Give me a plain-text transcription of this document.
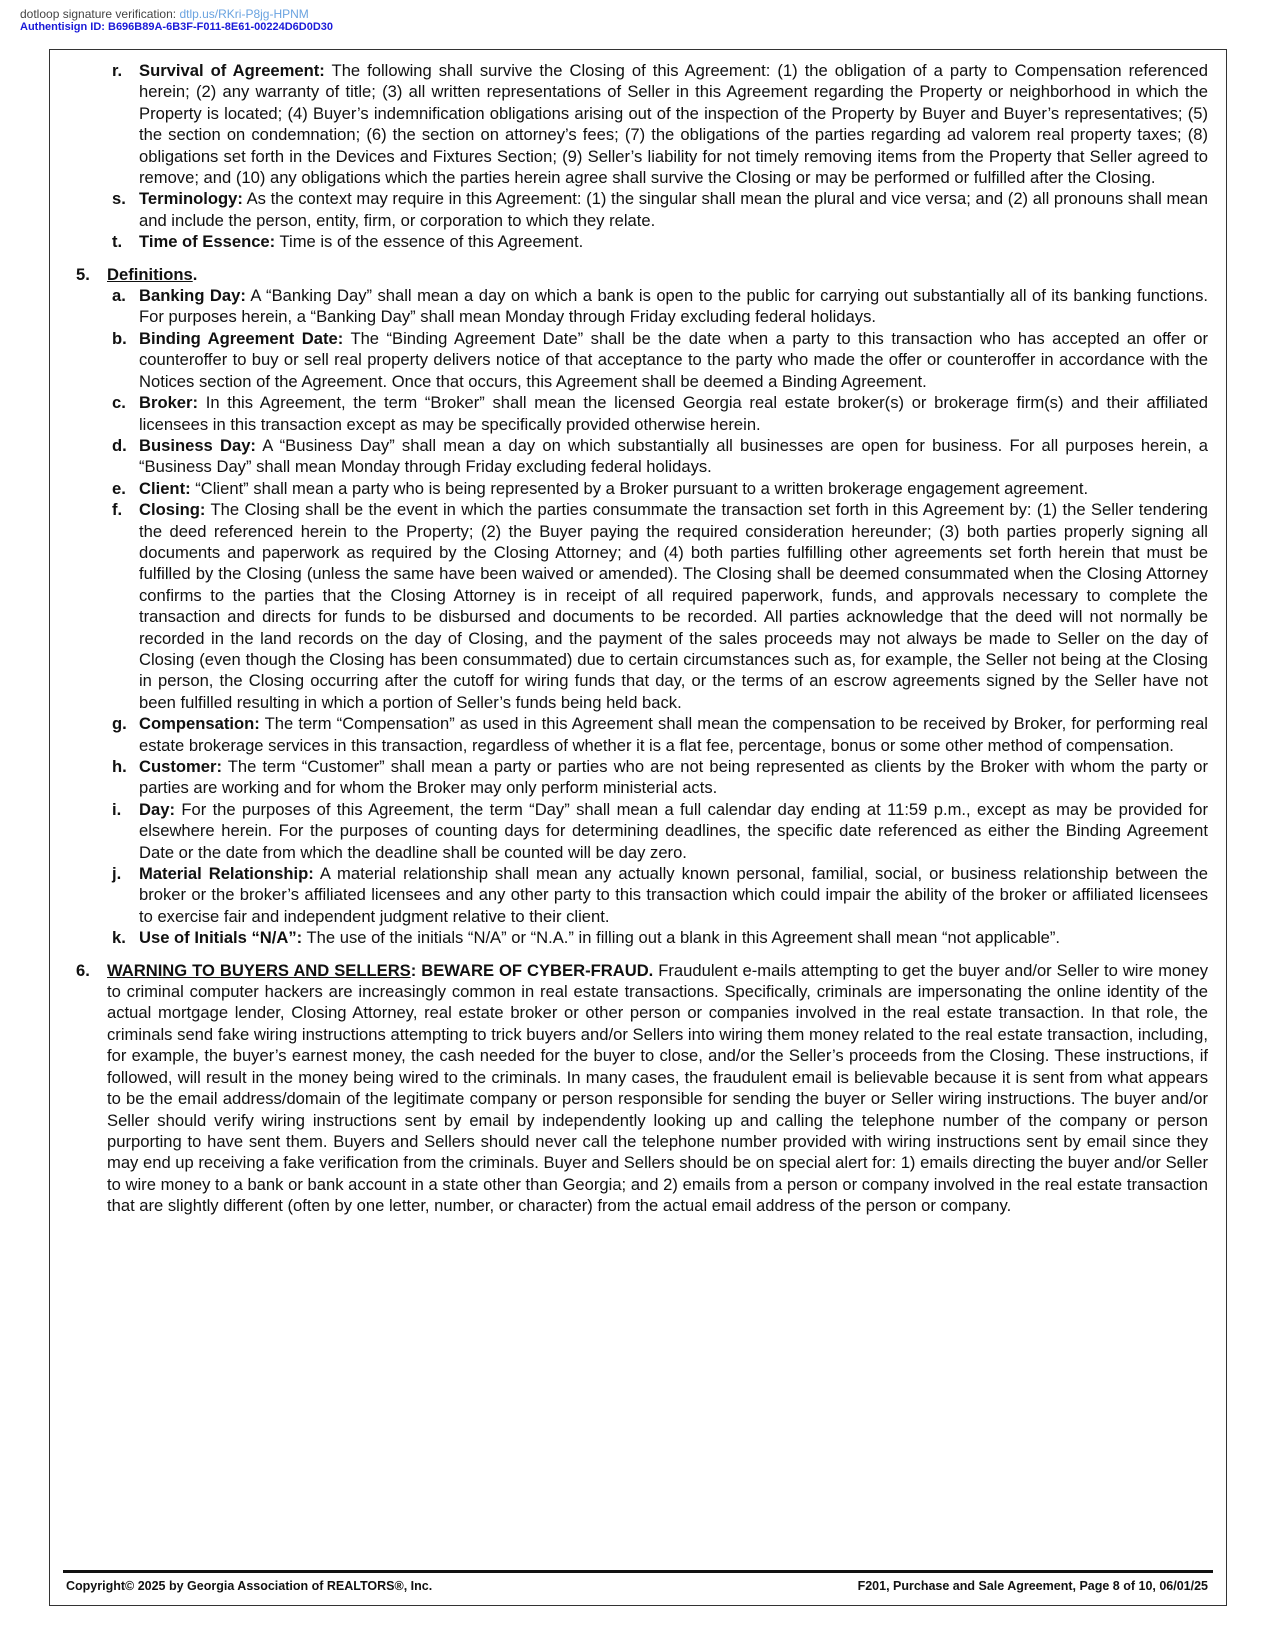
dotloop signature verification: dtlp.us/RKri-P8jg-HPNM
Authentisign ID: B696B89A-6B3F-F011-8E61-00224D6D0D30
r.	Survival of Agreement: The following shall survive the Closing of this Agreement: (1) the obligation of a party to Compensation referenced herein; (2) any warranty of title; (3) all written representations of Seller in this Agreement regarding the Property or neighborhood in which the Property is located; (4) Buyer’s indemnification obligations arising out of the inspection of the Property by Buyer and Buyer’s representatives; (5) the section on condemnation; (6) the section on attorney’s fees; (7) the obligations of the parties regarding ad valorem real property taxes; (8) obligations set forth in the Devices and Fixtures Section; (9) Seller’s liability for not timely removing items from the Property that Seller agreed to remove; and (10) any obligations which the parties herein agree shall survive the Closing or may be performed or fulfilled after the Closing.
s. Terminology: As the context may require in this Agreement: (1) the singular shall mean the plural and vice versa; and (2) all pronouns shall mean and include the person, entity, firm, or corporation to which they relate.
t.	Time of Essence: Time is of the essence of this Agreement.
5.	Definitions.
a. Banking Day: A “Banking Day” shall mean a day on which a bank is open to the public for carrying out substantially all of its banking functions. For purposes herein, a “Banking Day” shall mean Monday through Friday excluding federal holidays.
b. Binding Agreement Date: The “Binding Agreement Date” shall be the date when a party to this transaction who has accepted an offer or counteroffer to buy or sell real property delivers notice of that acceptance to the party who made the offer or counteroffer in accordance with the Notices section of the Agreement. Once that occurs, this Agreement shall be deemed a Binding Agreement.
c. Broker: In this Agreement, the term “Broker” shall mean the licensed Georgia real estate broker(s) or brokerage firm(s) and their affiliated licensees in this transaction except as may be specifically provided otherwise herein.
d. Business Day: A “Business Day” shall mean a day on which substantially all businesses are open for business. For all purposes herein, a “Business Day” shall mean Monday through Friday excluding federal holidays.
e. Client: “Client” shall mean a party who is being represented by a Broker pursuant to a written brokerage engagement agreement.
f.	Closing: The Closing shall be the event in which the parties consummate the transaction set forth in this Agreement by: (1) the Seller tendering the deed referenced herein to the Property; (2) the Buyer paying the required consideration hereunder; (3) both parties properly signing all documents and paperwork as required by the Closing Attorney; and (4) both parties fulfilling other agreements set forth herein that must be fulfilled by the Closing (unless the same have been waived or amended). The Closing shall be deemed consummated when the Closing Attorney confirms to the parties that the Closing Attorney is in receipt of all required paperwork, funds, and approvals necessary to complete the transaction and directs for funds to be disbursed and documents to be recorded. All parties acknowledge that the deed will not normally be recorded in the land records on the day of Closing, and the payment of the sales proceeds may not always be made to Seller on the day of Closing (even though the Closing has been consummated) due to certain circumstances such as, for example, the Seller not being at the Closing in person, the Closing occurring after the cutoff for wiring funds that day, or the terms of an escrow agreements signed by the Seller have not been fulfilled resulting in which a portion of Seller’s funds being held back.
g. Compensation: The term “Compensation” as used in this Agreement shall mean the compensation to be received by Broker, for performing real estate brokerage services in this transaction, regardless of whether it is a flat fee, percentage, bonus or some other method of compensation.
h. Customer: The term “Customer” shall mean a party or parties who are not being represented as clients by the Broker with whom the party or parties are working and for whom the Broker may only perform ministerial acts.
i.	Day: For the purposes of this Agreement, the term “Day” shall mean a full calendar day ending at 11:59 p.m., except as may be provided for elsewhere herein. For the purposes of counting days for determining deadlines, the specific date referenced as either the Binding Agreement Date or the date from which the deadline shall be counted will be day zero.
j.	Material Relationship: A material relationship shall mean any actually known personal, familial, social, or business relationship between the broker or the broker’s affiliated licensees and any other party to this transaction which could impair the ability of the broker or affiliated licensees to exercise fair and independent judgment relative to their client.
k. Use of Initials “N/A”: The use of the initials “N/A” or “N.A.” in filling out a blank in this Agreement shall mean “not applicable”.
6.	WARNING TO BUYERS AND SELLERS: BEWARE OF CYBER-FRAUD. Fraudulent e-mails attempting to get the buyer and/or Seller to wire money to criminal computer hackers are increasingly common in real estate transactions. Specifically, criminals are impersonating the online identity of the actual mortgage lender, Closing Attorney, real estate broker or other person or companies involved in the real estate transaction. In that role, the criminals send fake wiring instructions attempting to trick buyers and/or Sellers into wiring them money related to the real estate transaction, including, for example, the buyer’s earnest money, the cash needed for the buyer to close, and/or the Seller’s proceeds from the Closing. These instructions, if followed, will result in the money being wired to the criminals. In many cases, the fraudulent email is believable because it is sent from what appears to be the email address/domain of the legitimate company or person responsible for sending the buyer or Seller wiring instructions. The buyer and/or Seller should verify wiring instructions sent by email by independently looking up and calling the telephone number of the company or person purporting to have sent them. Buyers and Sellers should never call the telephone number provided with wiring instructions sent by email since they may end up receiving a fake verification from the criminals. Buyer and Sellers should be on special alert for: 1) emails directing the buyer and/or Seller to wire money to a bank or bank account in a state other than Georgia; and 2) emails from a person or company involved in the real estate transaction that are slightly different (often by one letter, number, or character) from the actual email address of the person or company.
Copyright© 2025 by Georgia Association of REALTORS®, Inc.	F201, Purchase and Sale Agreement, Page 8 of 10, 06/01/25
